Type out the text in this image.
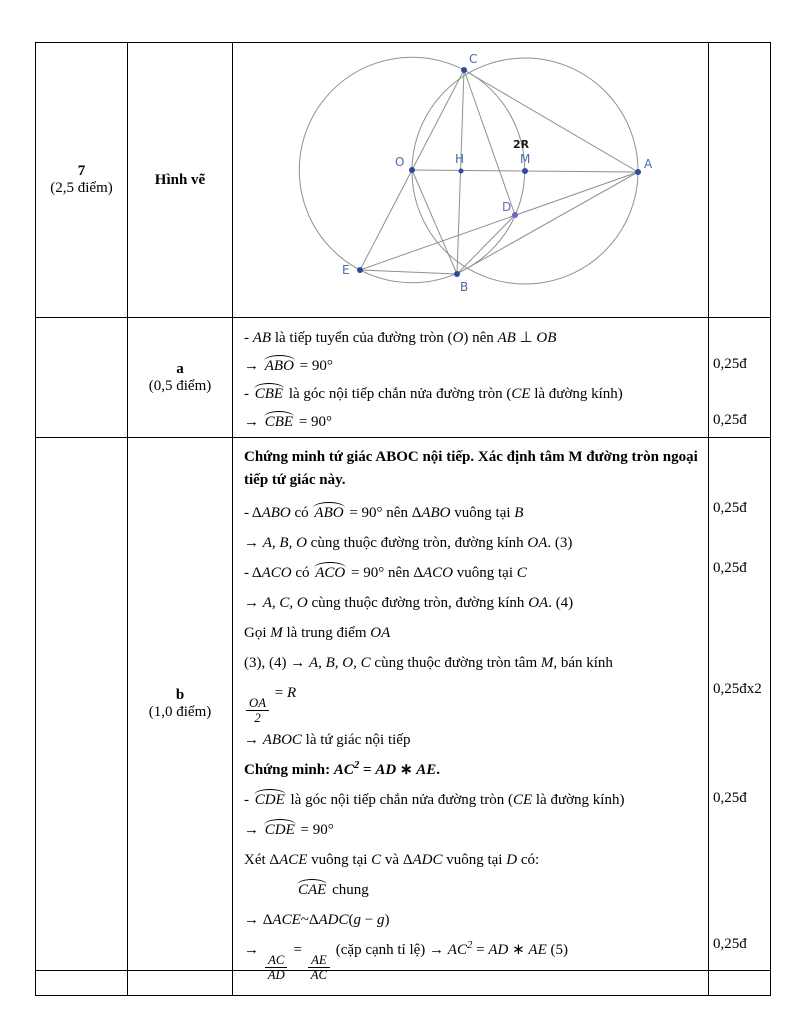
7
(2,5 điểm)
Hình vẽ
C
O	H	M
2R
A
D
E
B
a
(0,5 điểm)
- AB là tiếp tuyến của đường tròn (O) nên AB ⊥ OB
→ ABO = 90°
- CBE là góc nội tiếp chắn nửa đường tròn (CE là đường kính)
→ CBE = 90°
0,25đ
0,25đ
b
(1,0 điểm)
Chứng minh tứ giác ABOC nội tiếp. Xác định tâm M đường tròn ngoại tiếp tứ giác này.
- ΔABO có ABO = 90° nên ΔABO vuông tại B
→ A, B, O cùng thuộc đường tròn, đường kính OA. (3)
- ΔACO có ACO = 90° nên ΔACO vuông tại C
→ A, C, O cùng thuộc đường tròn, đường kính OA. (4)
Gọi M là trung điểm OA
(3), (4) → A, B, O, C cùng thuộc đường tròn tâm M, bán kính
$\frac{OA}{2}$
= R
→ ABOC là tứ giác nội tiếp
Chứng minh: $AC^2$ = AD ∗ AE.
- CDE là góc nội tiếp chắn nửa đường tròn (CE là đường kính)
→ CDE = 90°
Xét ΔACE vuông tại C và ΔADC vuông tại D có:
CAE chung
→ ΔACE~ΔADC(g − g)
→
$\frac{AC}{AD}$
=
$\frac{AE}{AC}$
(cặp cạnh tỉ lệ) → $AC^2$ = AD ∗ AE (5)
0,25đ
0,25đ
0,25đx2
0,25đ
0,25đ
